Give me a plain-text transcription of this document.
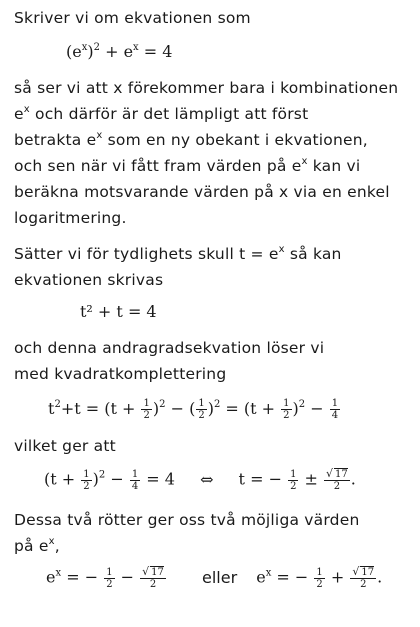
Skriver vi om ekvationen som
$(e^x)^2 + e^x = 4$
så ser vi att x förekommer bara i kombinationen
$e^x$ och därför är det lämpligt att först
betrakta $e^x$ som en ny obekant i ekvationen,
och sen när vi fått fram värden på $e^x$ kan vi
beräkna motsvarande värden på x via en enkel
logaritmering.
Sätter vi för tydlighets skull $t = e^x$ så kan
ekvationen skrivas
t² + t = 4
och denna andragradsekvation löser vi
med kvadratkomplettering
$t^2+t = (t + \frac{1}{2} )^2$ − ( $\frac{1}{2} )^2 = (t + \frac{1}{2} )^2 - \frac{1}{4}$
vilket ger att
$(t + \frac{1}{2} )^2 - \frac{1}{4} = 4$ ⇔ t = − $\frac{1}{2} \pm \frac{√ 17}{2}$ .
Dessa två rötter ger oss två möjliga värden
på $e^x$,
$e^x$ = − $\frac{1}{2} - \frac{√ 17}{2}$ eller $e^x$ = − $\frac{1}{2} + \frac{√ 17}{2}$ .
